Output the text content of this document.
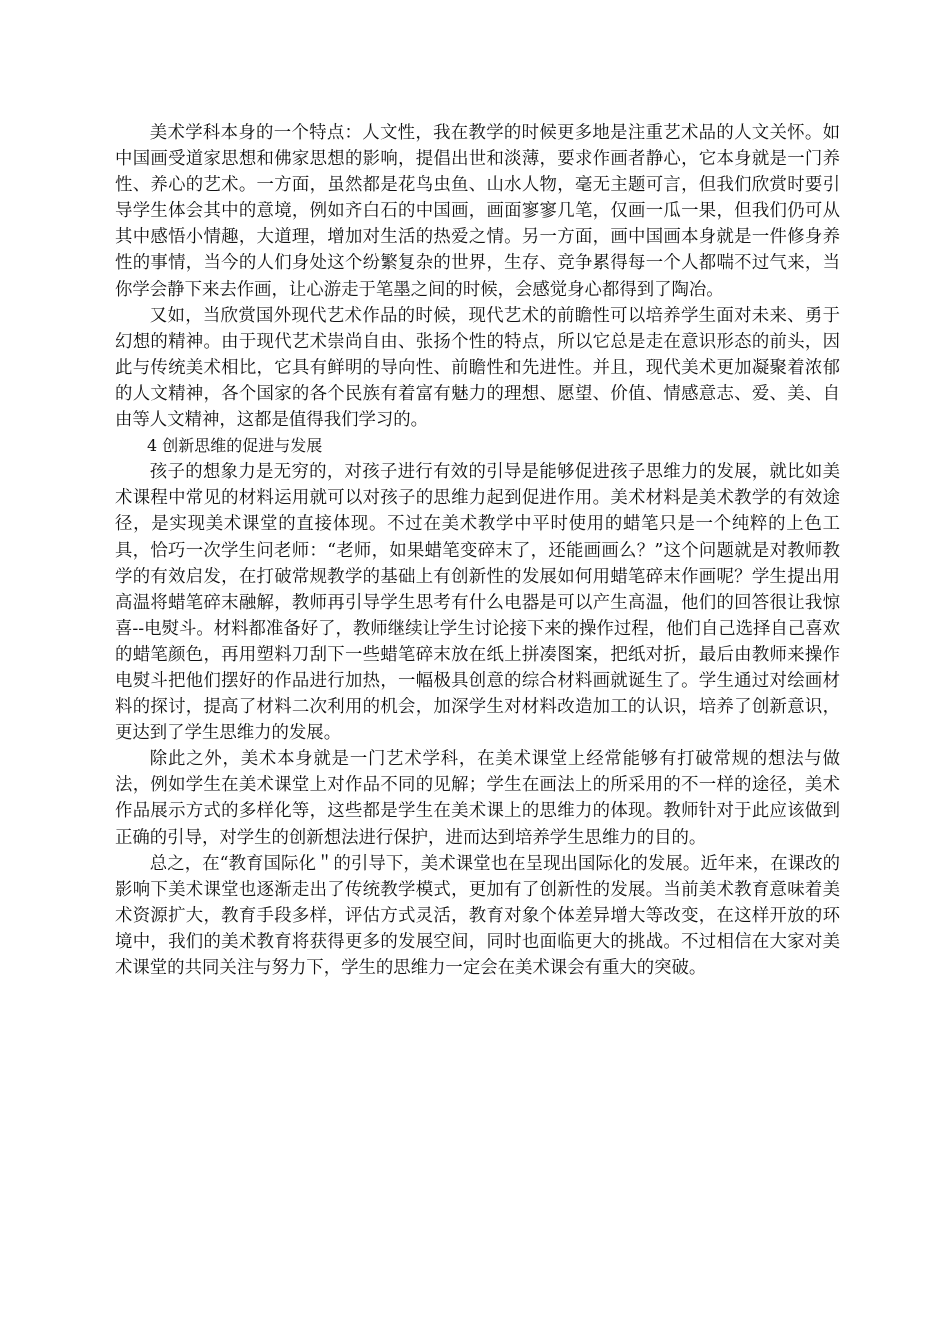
美术学科本身的一个特点：人文性，我在教学的时候更多地是注重艺术品的人文关怀。如中国画受道家思想和佛家思想的影响，提倡出世和淡薄，要求作画者静心，它本身就是一门养性、养心的艺术。一方面，虽然都是花鸟虫鱼、山水人物，毫无主题可言，但我们欣赏时要引导学生体会其中的意境，例如齐白石的中国画，画面寥寥几笔，仅画一瓜一果，但我们仍可从其中感悟小情趣，大道理，增加对生活的热爱之情。另一方面，画中国画本身就是一件修身养性的事情，当今的人们身处这个纷繁复杂的世界，生存、竞争累得每一个人都喘不过气来，当你学会静下来去作画，让心游走于笔墨之间的时候，会感觉身心都得到了陶冶。

又如，当欣赏国外现代艺术作品的时候，现代艺术的前瞻性可以培养学生面对未来、勇于幻想的精神。由于现代艺术崇尚自由、张扬个性的特点，所以它总是走在意识形态的前头，因此与传统美术相比，它具有鲜明的导向性、前瞻性和先进性。并且，现代美术更加凝聚着浓郁的人文精神，各个国家的各个民族有着富有魅力的理想、愿望、价值、情感意志、爱、美、自由等人文精神，这都是值得我们学习的。

4 创新思维的促进与发展

孩子的想象力是无穷的，对孩子进行有效的引导是能够促进孩子思维力的发展，就比如美术课程中常见的材料运用就可以对孩子的思维力起到促进作用。美术材料是美术教学的有效途径，是实现美术课堂的直接体现。不过在美术教学中平时使用的蜡笔只是一个纯粹的上色工具，恰巧一次学生问老师：“老师，如果蜡笔变碎末了，还能画画么？”这个问题就是对教师教学的有效启发，在打破常规教学的基础上有创新性的发展如何用蜡笔碎末作画呢？学生提出用高温将蜡笔碎末融解，教师再引导学生思考有什么电器是可以产生高温，他们的回答很让我惊喜--电熨斗。材料都准备好了，教师继续让学生讨论接下来的操作过程，他们自己选择自己喜欢的蜡笔颜色，再用塑料刀刮下一些蜡笔碎末放在纸上拼凑图案，把纸对折，最后由教师来操作电熨斗把他们摆好的作品进行加热，一幅极具创意的综合材料画就诞生了。学生通过对绘画材料的探讨，提高了材料二次利用的机会，加深学生对材料改造加工的认识，培养了创新意识，更达到了学生思维力的发展。

除此之外，美术本身就是一门艺术学科，在美术课堂上经常能够有打破常规的想法与做法，例如学生在美术课堂上对作品不同的见解；学生在画法上的所采用的不一样的途径，美术作品展示方式的多样化等，这些都是学生在美术课上的思维力的体现。教师针对于此应该做到正确的引导，对学生的创新想法进行保护，进而达到培养学生思维力的目的。

总之，在“教育国际化＂的引导下，美术课堂也在呈现出国际化的发展。近年来，在课改的影响下美术课堂也逐渐走出了传统教学模式，更加有了创新性的发展。当前美术教育意味着美术资源扩大，教育手段多样，评估方式灵活，教育对象个体差异增大等改变，在这样开放的环境中，我们的美术教育将获得更多的发展空间，同时也面临更大的挑战。不过相信在大家对美术课堂的共同关注与努力下，学生的思维力一定会在美术课会有重大的突破。
